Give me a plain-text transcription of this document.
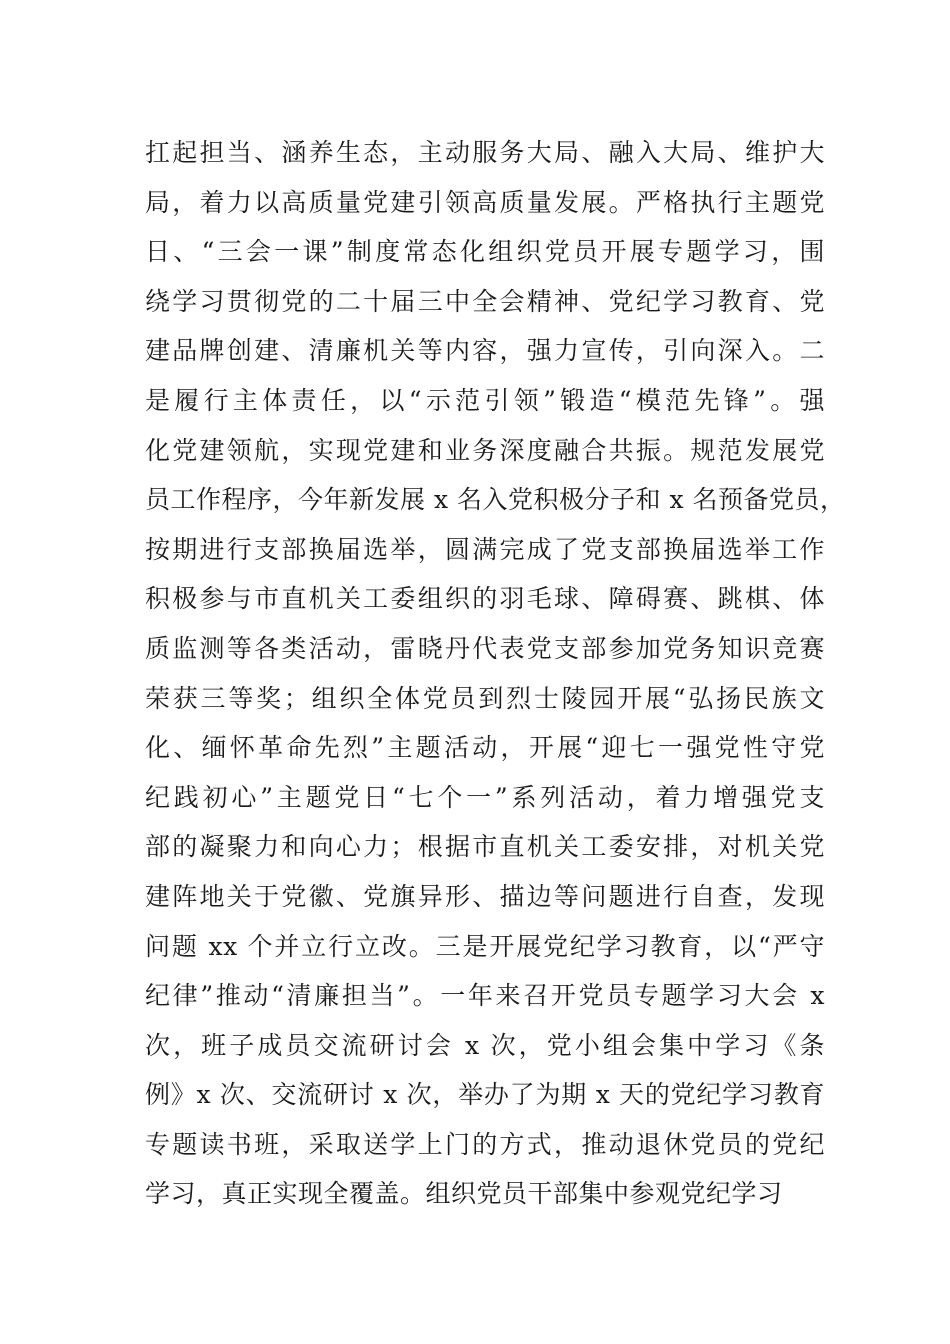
扛起担当、涵养生态，主动服务大局、融入大局、维护大
局，着力以高质量党建引领高质量发展。严格执行主题党
日、“三会一课”制度常态化组织党员开展专题学习，围
绕学习贯彻党的二十届三中全会精神、党纪学习教育、党
建品牌创建、清廉机关等内容，强力宣传，引向深入。二
是履行主体责任，以“示范引领”锻造“模范先锋”。强
化党建领航，实现党建和业务深度融合共振。规范发展党
员工作程序，今年新发展 x 名入党积极分子和 x 名预备党员，
按期进行支部换届选举，圆满完成了党支部换届选举工作
积极参与市直机关工委组织的羽毛球、障碍赛、跳棋、体
质监测等各类活动，雷晓丹代表党支部参加党务知识竞赛
荣获三等奖；组织全体党员到烈士陵园开展“弘扬民族文
化、缅怀革命先烈”主题活动，开展“迎七一强党性守党
纪践初心”主题党日“七个一”系列活动，着力增强党支
部的凝聚力和向心力；根据市直机关工委安排，对机关党
建阵地关于党徽、党旗异形、描边等问题进行自查，发现
问题 xx 个并立行立改。三是开展党纪学习教育，以“严守
纪律”推动“清廉担当”。一年来召开党员专题学习大会 x
次，班子成员交流研讨会 x 次，党小组会集中学习《条
例》x 次、交流研讨 x 次，举办了为期 x 天的党纪学习教育
专题读书班，采取送学上门的方式，推动退休党员的党纪
学习，真正实现全覆盖。组织党员干部集中参观党纪学习
